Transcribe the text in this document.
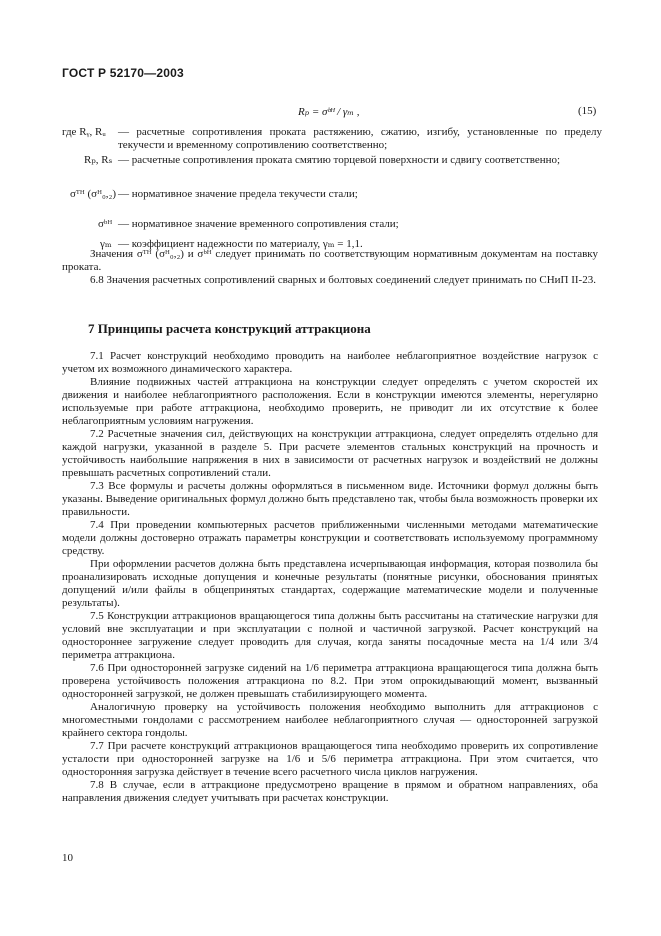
ГОСТ Р 52170—2003
Rₚ = σᵇᴴ / γₘ ,	(15)
где Rᵧ, Rᵤ	— расчетные сопротивления проката растяжению, сжатию, изгибу, установленные по пределу текучести и временному сопротивлению соответственно;
Rₚ, Rₛ — расчетные сопротивления проката смятию торцевой поверхности и сдвигу соответственно;
σᵀᴴ (σᴴ₀,₂) — нормативное значение предела текучести стали;
σᵇᴴ — нормативное значение временного сопротивления стали;
γₘ — коэффициент надежности по материалу, γₘ = 1,1.

Значения σᵀᴴ (σᴴ₀,₂) и σᵇᴴ следует принимать по соответствующим нормативным документам на поставку проката.

6.8 Значения расчетных сопротивлений сварных и болтовых соединений следует принимать по СНиП II-23.

7 Принципы расчета конструкций аттракциона

7.1 Расчет конструкций необходимо проводить на наиболее неблагоприятное воздействие нагрузок с учетом их возможного динамического характера.

Влияние подвижных частей аттракциона на конструкции следует определять с учетом скоростей их движения и наиболее неблагоприятного расположения. Если в конструкции имеются элементы, нерегулярно используемые при работе аттракциона, необходимо проверить, не приводит ли их отсутствие к более неблагоприятным условиям нагружения.

7.2 Расчетные значения сил, действующих на конструкции аттракциона, следует определять отдельно для каждой нагрузки, указанной в разделе 5. При расчете элементов стальных конструкций на прочность и устойчивость наибольшие напряжения в них в зависимости от расчетных нагрузок и воздействий не должны превышать расчетных сопротивлений стали.

7.3 Все формулы и расчеты должны оформляться в письменном виде. Источники формул должны быть указаны. Выведение оригинальных формул должно быть представлено так, чтобы была возможность проверки их правильности.

7.4 При проведении компьютерных расчетов приближенными численными методами математические модели должны достоверно отражать параметры конструкции и соответствовать используемому программному средству.

При оформлении расчетов должна быть представлена исчерпывающая информация, которая позволила бы проанализировать исходные допущения и конечные результаты (понятные рисунки, обоснования принятых допущений и/или файлы в общепринятых стандартах, содержащие математические модели и полученные результаты).

7.5 Конструкции аттракционов вращающегося типа должны быть рассчитаны на статические нагрузки для условий вне эксплуатации и при эксплуатации с полной и частичной загрузкой. Расчет конструкций на одностороннее загружение следует проводить для случая, когда заняты посадочные места на 1/4 или 3/4 периметра аттракциона.

7.6 При односторонней загрузке сидений на 1/6 периметра аттракциона вращающегося типа должна быть проверена устойчивость положения аттракциона по 8.2. При этом опрокидывающий момент, вызванный односторонней загрузкой, не должен превышать стабилизирующего момента.

Аналогичную проверку на устойчивость положения необходимо выполнить для аттракционов с многоместными гондолами с рассмотрением наиболее неблагоприятного случая — односторонней загрузкой крайнего сектора гондолы.

7.7 При расчете конструкций аттракционов вращающегося типа необходимо проверить их сопротивление усталости при односторонней загрузке на 1/6 и 5/6 периметра аттракциона. При этом считается, что односторонняя загрузка действует в течение всего расчетного числа циклов нагружения.

7.8 В случае, если в аттракционе предусмотрено вращение в прямом и обратном направлениях, оба направления движения следует учитывать при расчетах конструкции.

10
